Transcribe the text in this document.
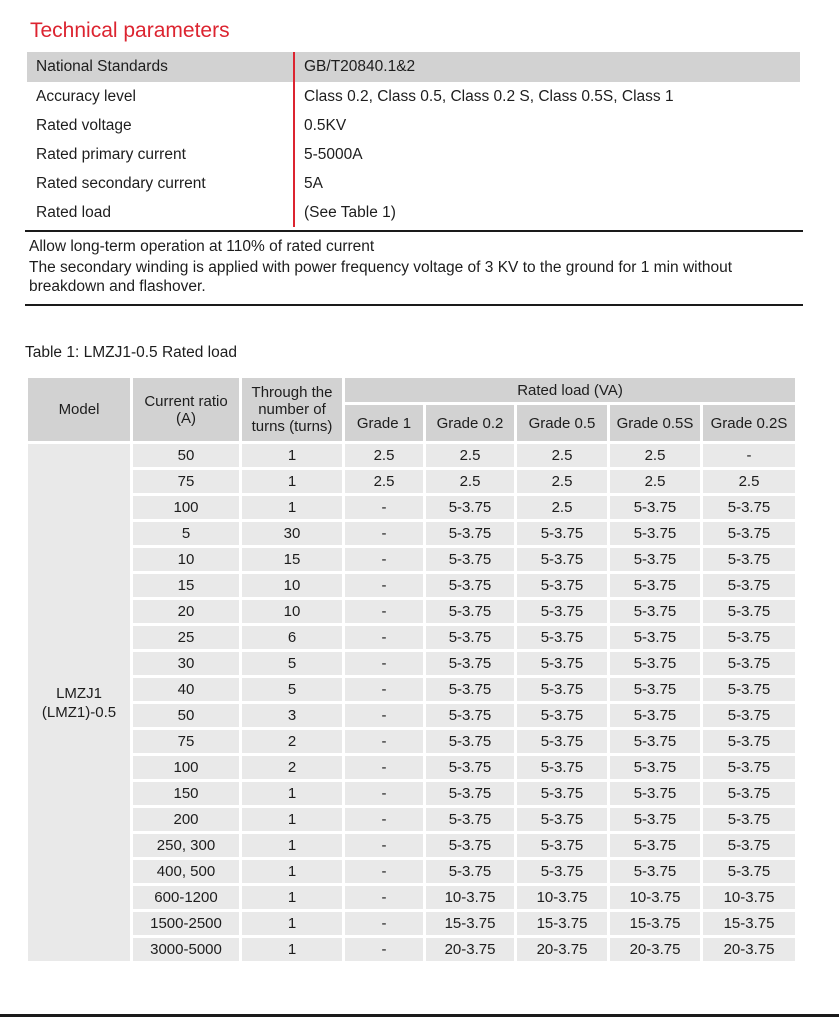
Technical parameters
National Standards	GB/T20840.1&2
Accuracy level	Class 0.2, Class 0.5, Class 0.2 S, Class 0.5S, Class 1
Rated voltage	0.5KV
Rated primary current	5-5000A
Rated secondary current	5A
Rated load	(See Table 1)
Allow long-term operation at 110% of rated current
The secondary winding is applied with power frequency voltage of 3 KV to the ground for 1 min without breakdown and flashover.
Table 1: LMZJ1-0.5 Rated load
Model	Current ratio (A)	Through the number of turns (turns)	Rated load (VA)				
			Grade 1	Grade 0.2	Grade 0.5	Grade 0.5S	Grade 0.2S

LMZJ1
(LMZ1)-0.5	50	1	2.5	2.5	2.5	2.5	-
	75	1	2.5	2.5	2.5	2.5	2.5
	100	1	-	5-3.75	2.5	5-3.75	5-3.75
	5	30	-	5-3.75	5-3.75	5-3.75	5-3.75
	10	15	-	5-3.75	5-3.75	5-3.75	5-3.75
	15	10	-	5-3.75	5-3.75	5-3.75	5-3.75
	20	10	-	5-3.75	5-3.75	5-3.75	5-3.75
	25	6	-	5-3.75	5-3.75	5-3.75	5-3.75
	30	5	-	5-3.75	5-3.75	5-3.75	5-3.75
	40	5	-	5-3.75	5-3.75	5-3.75	5-3.75
	50	3	-	5-3.75	5-3.75	5-3.75	5-3.75
	75	2	-	5-3.75	5-3.75	5-3.75	5-3.75
	100	2	-	5-3.75	5-3.75	5-3.75	5-3.75
	150	1	-	5-3.75	5-3.75	5-3.75	5-3.75
	200	1	-	5-3.75	5-3.75	5-3.75	5-3.75
	250, 300	1	-	5-3.75	5-3.75	5-3.75	5-3.75
	400, 500	1	-	5-3.75	5-3.75	5-3.75	5-3.75
	600-1200	1	-	10-3.75	10-3.75	10-3.75	10-3.75
	1500-2500	1	-	15-3.75	15-3.75	15-3.75	15-3.75
	3000-5000	1	-	20-3.75	20-3.75	20-3.75	20-3.75
